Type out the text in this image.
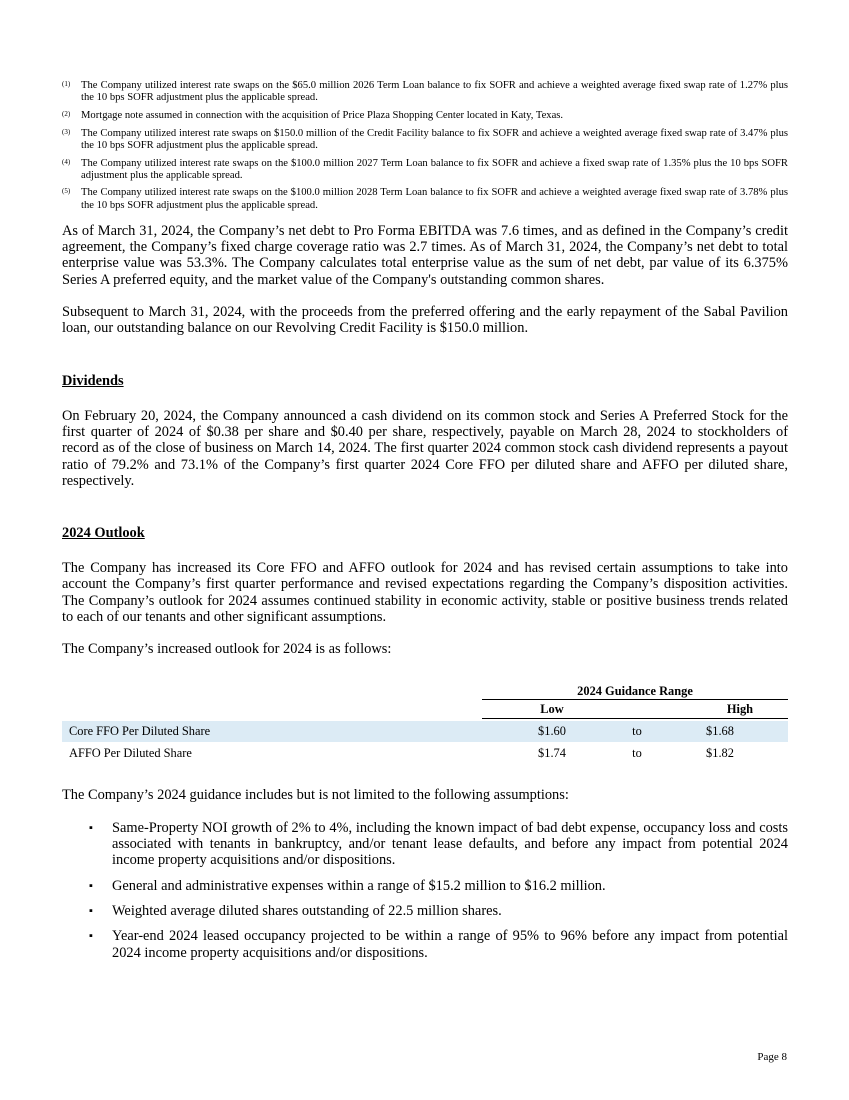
(1) The Company utilized interest rate swaps on the $65.0 million 2026 Term Loan balance to fix SOFR and achieve a weighted average fixed swap rate of 1.27% plus the 10 bps SOFR adjustment plus the applicable spread.
(2) Mortgage note assumed in connection with the acquisition of Price Plaza Shopping Center located in Katy, Texas.
(3) The Company utilized interest rate swaps on $150.0 million of the Credit Facility balance to fix SOFR and achieve a weighted average fixed swap rate of 3.47% plus the 10 bps SOFR adjustment plus the applicable spread.
(4) The Company utilized interest rate swaps on the $100.0 million 2027 Term Loan balance to fix SOFR and achieve a fixed swap rate of 1.35% plus the 10 bps SOFR adjustment plus the applicable spread.
(5) The Company utilized interest rate swaps on the $100.0 million 2028 Term Loan balance to fix SOFR and achieve a weighted average fixed swap rate of 3.78% plus the 10 bps SOFR adjustment plus the applicable spread.

As of March 31, 2024, the Company’s net debt to Pro Forma EBITDA was 7.6 times, and as defined in the Company’s credit agreement, the Company’s fixed charge coverage ratio was 2.7 times. As of March 31, 2024, the Company’s net debt to total enterprise value was 53.3%. The Company calculates total enterprise value as the sum of net debt, par value of its 6.375% Series A preferred equity, and the market value of the Company's outstanding common shares.

Subsequent to March 31, 2024, with the proceeds from the preferred offering and the early repayment of the Sabal Pavilion loan, our outstanding balance on our Revolving Credit Facility is $150.0 million.

Dividends

On February 20, 2024, the Company announced a cash dividend on its common stock and Series A Preferred Stock for the first quarter of 2024 of $0.38 per share and $0.40 per share, respectively, payable on March 28, 2024 to stockholders of record as of the close of business on March 14, 2024. The first quarter 2024 common stock cash dividend represents a payout ratio of 79.2% and 73.1% of the Company’s first quarter 2024 Core FFO per diluted share and AFFO per diluted share, respectively.

2024 Outlook

The Company has increased its Core FFO and AFFO outlook for 2024 and has revised certain assumptions to take into account the Company’s first quarter performance and revised expectations regarding the Company’s disposition activities. The Company’s outlook for 2024 assumes continued stability in economic activity, stable or positive business trends related to each of our tenants and other significant assumptions.

The Company’s increased outlook for 2024 is as follows:

2024 Guidance Range
Low	High
Core FFO Per Diluted Share	$1.60	to	$1.68
AFFO Per Diluted Share	$1.74	to	$1.82

The Company’s 2024 guidance includes but is not limited to the following assumptions:

▪ Same-Property NOI growth of 2% to 4%, including the known impact of bad debt expense, occupancy loss and costs associated with tenants in bankruptcy, and/or tenant lease defaults, and before any impact from potential 2024 income property acquisitions and/or dispositions.
▪ General and administrative expenses within a range of $15.2 million to $16.2 million.
▪ Weighted average diluted shares outstanding of 22.5 million shares.
▪ Year-end 2024 leased occupancy projected to be within a range of 95% to 96% before any impact from potential 2024 income property acquisitions and/or dispositions.
Page 8
